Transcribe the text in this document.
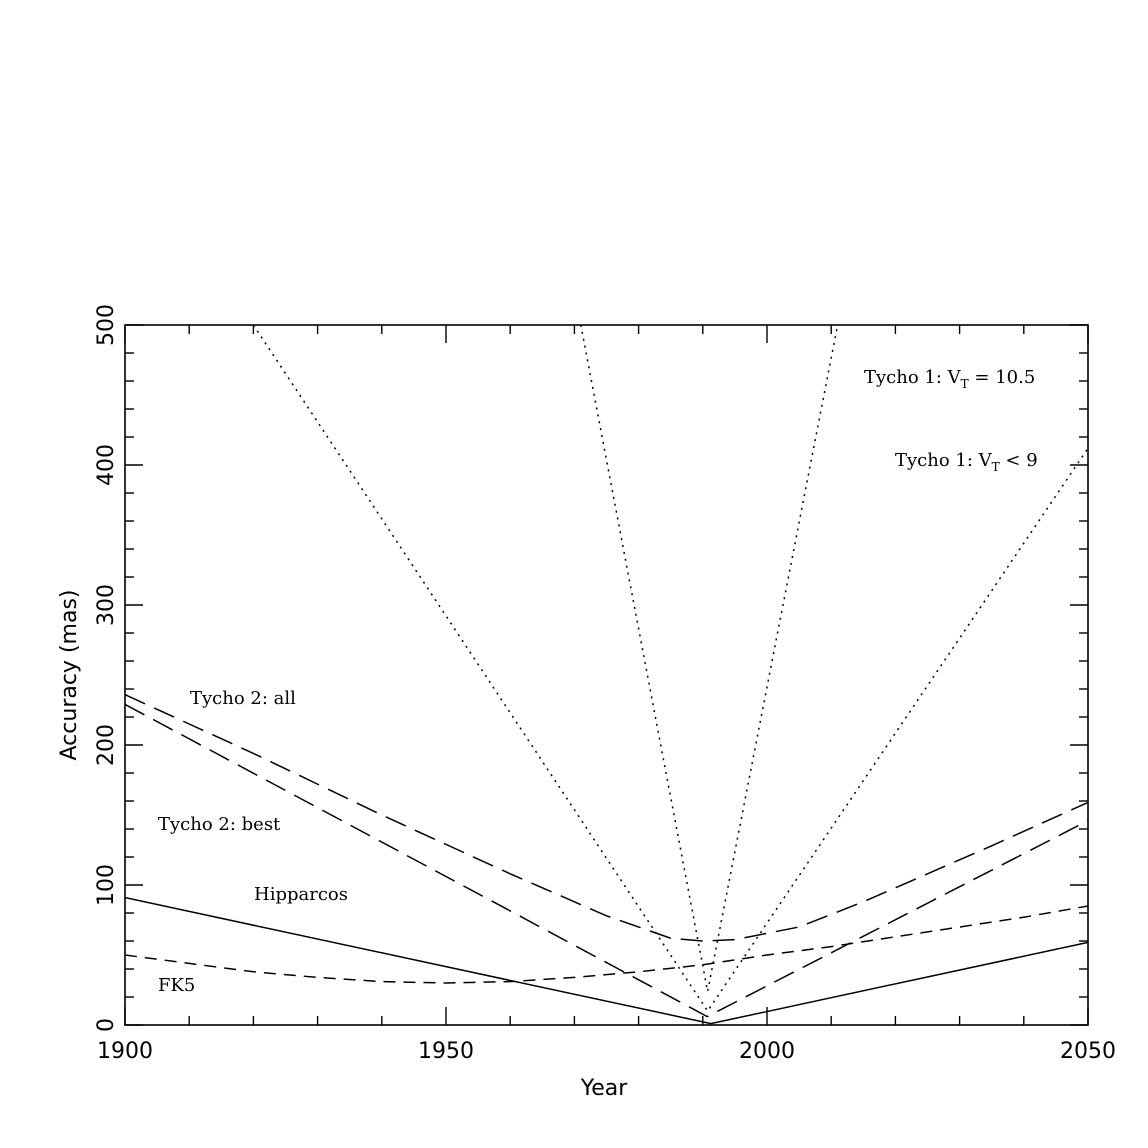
1900	1950	2000	2050
0
100
200
300
400
500
Year
Accuracy (mas)
Tycho 1: $V_T = 10.5$
Tycho 1: $V_T < 9$
Tycho 2: all
Tycho 2: best
Hipparcos
FK5
